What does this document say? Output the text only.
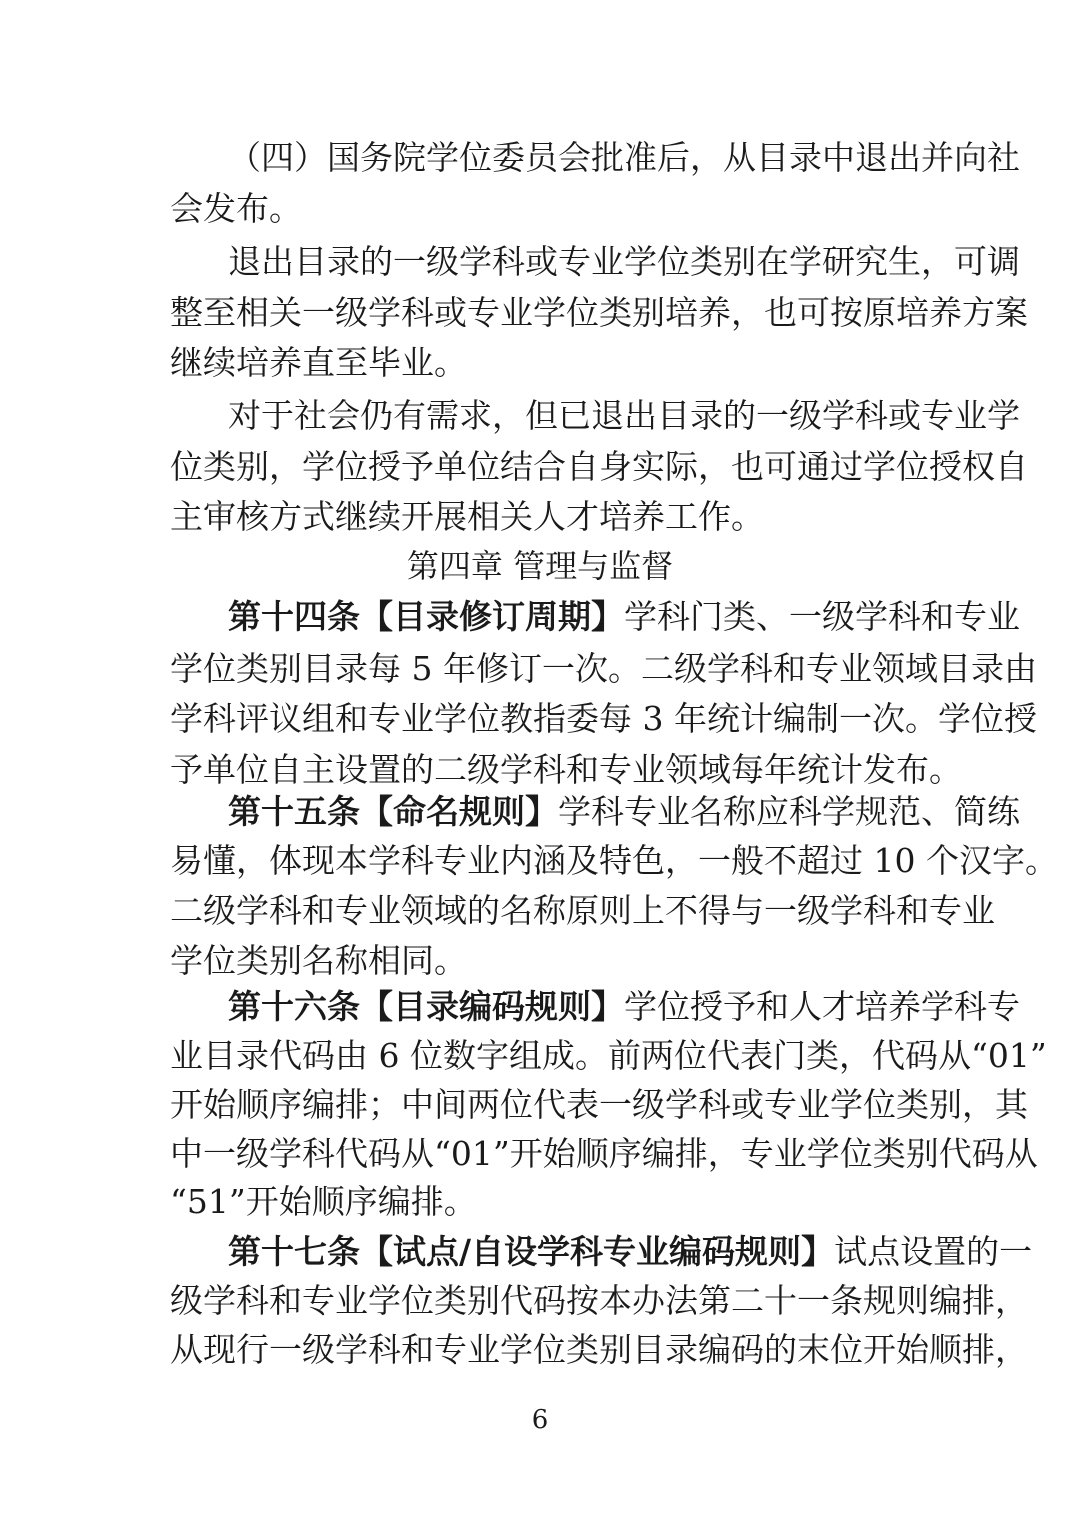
（四）国务院学位委员会批准后，从目录中退出并向社
会发布。
退出目录的一级学科或专业学位类别在学研究生，可调
整至相关一级学科或专业学位类别培养，也可按原培养方案
继续培养直至毕业。
对于社会仍有需求，但已退出目录的一级学科或专业学
位类别，学位授予单位结合自身实际，也可通过学位授权自
主审核方式继续开展相关人才培养工作。
第四章 管理与监督
第十四条【目录修订周期】学科门类、一级学科和专业
学位类别目录每 5 年修订一次。二级学科和专业领域目录由
学科评议组和专业学位教指委每 3 年统计编制一次。学位授
予单位自主设置的二级学科和专业领域每年统计发布。
第十五条【命名规则】学科专业名称应科学规范、简练
易懂，体现本学科专业内涵及特色，一般不超过 10 个汉字。
二级学科和专业领域的名称原则上不得与一级学科和专业
学位类别名称相同。
第十六条【目录编码规则】学位授予和人才培养学科专
业目录代码由 6 位数字组成。前两位代表门类，代码从“01”
开始顺序编排；中间两位代表一级学科或专业学位类别，其
中一级学科代码从“01”开始顺序编排，专业学位类别代码从
“51”开始顺序编排。
第十七条【试点/自设学科专业编码规则】试点设置的一
级学科和专业学位类别代码按本办法第二十一条规则编排，
从现行一级学科和专业学位类别目录编码的末位开始顺排，
6
